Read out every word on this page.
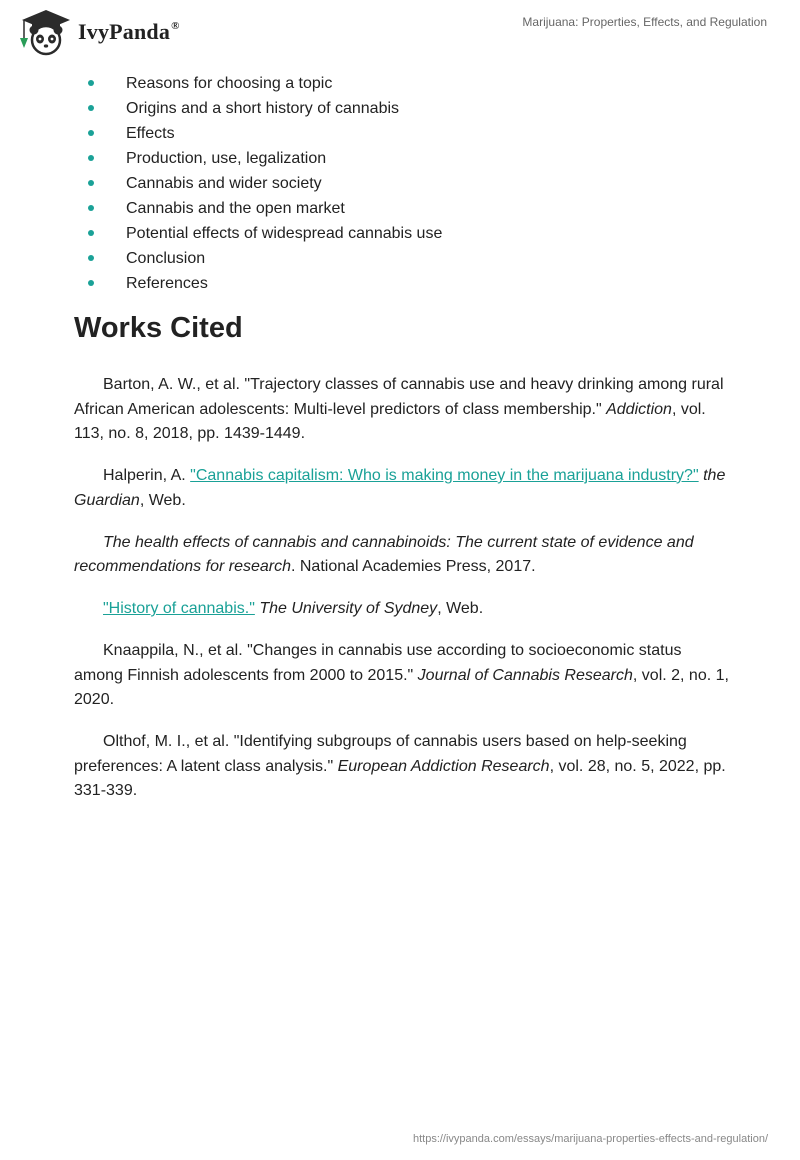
IvyPanda®	Marijuana: Properties, Effects, and Regulation
Reasons for choosing a topic
Origins and a short history of cannabis
Effects
Production, use, legalization
Cannabis and wider society
Cannabis and the open market
Potential effects of widespread cannabis use
Conclusion
References
Works Cited

Barton, A. W., et al. "Trajectory classes of cannabis use and heavy drinking among rural African American adolescents: Multi-level predictors of class membership." Addiction, vol. 113, no. 8, 2018, pp. 1439-1449.

Halperin, A. "Cannabis capitalism: Who is making money in the marijuana industry?" the Guardian, Web.

The health effects of cannabis and cannabinoids: The current state of evidence and recommendations for research. National Academies Press, 2017.

"History of cannabis." The University of Sydney, Web.

Knaappila, N., et al. "Changes in cannabis use according to socioeconomic status among Finnish adolescents from 2000 to 2015." Journal of Cannabis Research, vol. 2, no. 1, 2020.

Olthof, M. I., et al. "Identifying subgroups of cannabis users based on help-seeking preferences: A latent class analysis." European Addiction Research, vol. 28, no. 5, 2022, pp. 331-339.

https://ivypanda.com/essays/marijuana-properties-effects-and-regulation/
